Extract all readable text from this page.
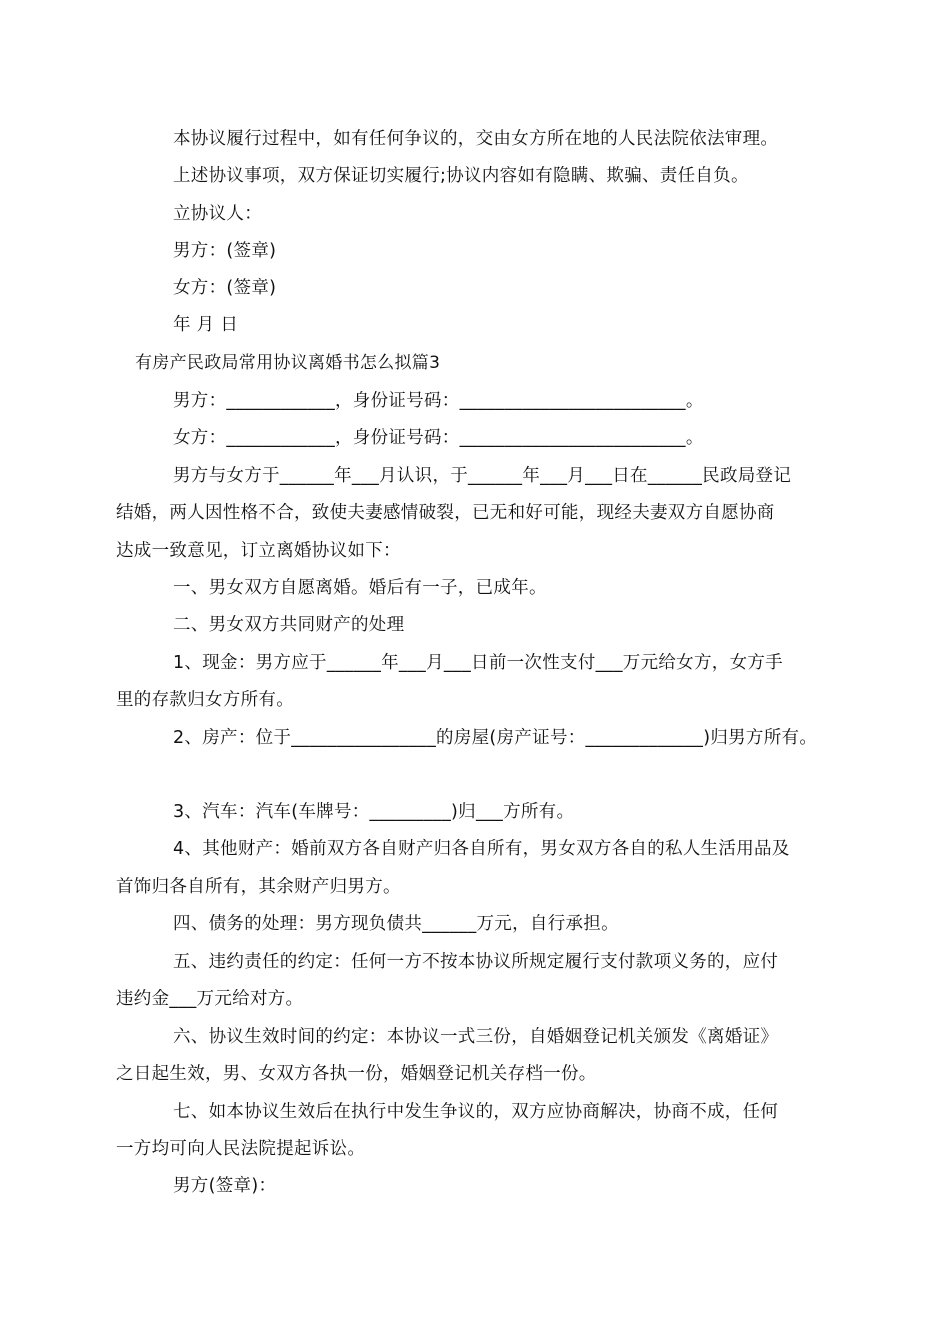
本协议履行过程中，如有任何争议的，交由女方所在地的人民法院依法审理。
上述协议事项，双方保证切实履行;协议内容如有隐瞒、欺骗、责任自负。
立协议人：
男方：(签章)
女方：(签章)
年 月 日
有房产民政局常用协议离婚书怎么拟篇3
男方：____________，身份证号码：_________________________。
女方：____________，身份证号码：_________________________。
男方与女方于______年___月认识，于______年___月___日在______民政局登记
结婚，两人因性格不合，致使夫妻感情破裂，已无和好可能，现经夫妻双方自愿协商
达成一致意见，订立离婚协议如下：
一、男女双方自愿离婚。婚后有一子，已成年。
二、男女双方共同财产的处理
1、现金：男方应于______年___月___日前一次性支付___万元给女方，女方手
里的存款归女方所有。
2、房产：位于________________的房屋(房产证号：_____________)归男方所有。
3、汽车：汽车(车牌号：_________)归___方所有。
4、其他财产：婚前双方各自财产归各自所有，男女双方各自的私人生活用品及
首饰归各自所有，其余财产归男方。
四、债务的处理：男方现负债共______万元，自行承担。
五、违约责任的约定：任何一方不按本协议所规定履行支付款项义务的，应付
违约金___万元给对方。
六、协议生效时间的约定：本协议一式三份，自婚姻登记机关颁发《离婚证》
之日起生效，男、女双方各执一份，婚姻登记机关存档一份。
七、如本协议生效后在执行中发生争议的，双方应协商解决，协商不成，任何
一方均可向人民法院提起诉讼。
男方(签章)：
